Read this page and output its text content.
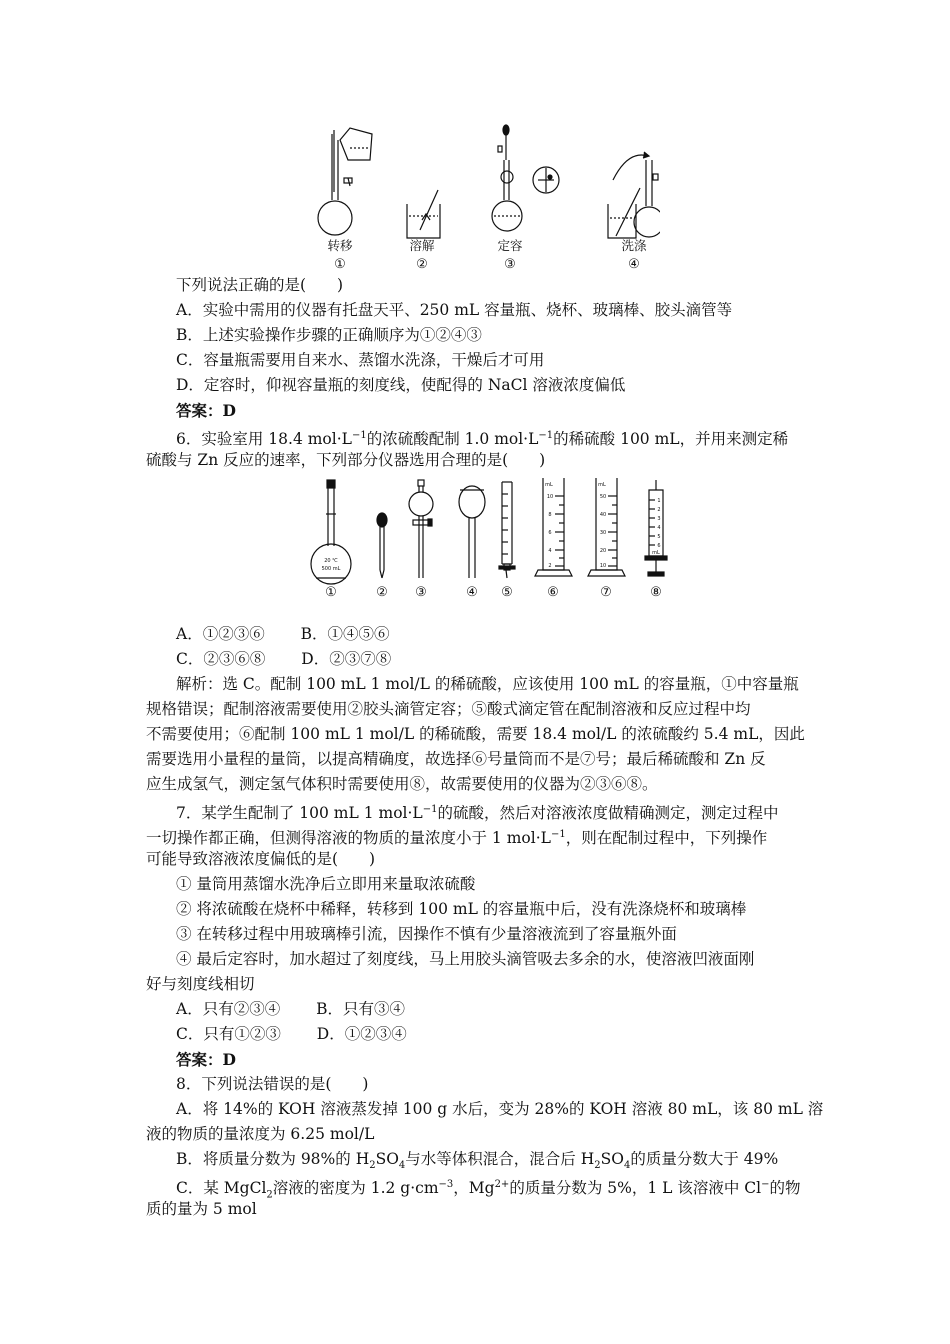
转移
①
溶解
②
定容
③
洗涤
④
下列说法正确的是(　　)
A．实验中需用的仪器有托盘天平、250 mL 容量瓶、烧杯、玻璃棒、胶头滴管等
B．上述实验操作步骤的正确顺序为①②④③
C．容量瓶需要用自来水、蒸馏水洗涤，干燥后才可用
D．定容时，仰视容量瓶的刻度线，使配得的 NaCl 溶液浓度偏低
答案：D
6．实验室用 18.4 $mol\cdot L^{-1}$的浓硫酸配制 1.0 $mol\cdot L^{-1}$的稀硫酸 100 mL，并用来测定稀
硫酸与 Zn 反应的速率，下列部分仪器选用合理的是(　　)
20 ℃
500 mL
mL
10
8
6
4
2
mL
50
40
30
20
10
1
2
3
4
5
6
mL
①	② ③	④ ⑤	⑥	⑦	⑧
A．①②③⑥　　 B．①④⑤⑥
C．②③⑥⑧　　 D．②③⑦⑧
解析：选 C。配制 100 mL 1 mol/L 的稀硫酸，应该使用 100 mL 的容量瓶，①中容量瓶
规格错误；配制溶液需要使用②胶头滴管定容；⑤酸式滴定管在配制溶液和反应过程中均
不需要使用；⑥配制 100 mL 1 mol/L 的稀硫酸，需要 18.4 mol/L 的浓硫酸约 5.4 mL，因此
需要选用小量程的量筒，以提高精确度，故选择⑥号量筒而不是⑦号；最后稀硫酸和 Zn 反
应生成氢气，测定氢气体积时需要使用⑧，故需要使用的仪器为②③⑥⑧。
7．某学生配制了 100 mL 1 $mol\cdot L^{-1}$的硫酸，然后对溶液浓度做精确测定，测定过程中
一切操作都正确，但测得溶液的物质的量浓度小于 1 $mol\cdot L^{-1}$，则在配制过程中，下列操作
可能导致溶液浓度偏低的是(　　)
① 量筒用蒸馏水洗净后立即用来量取浓硫酸
② 将浓硫酸在烧杯中稀释，转移到 100 mL 的容量瓶中后，没有洗涤烧杯和玻璃棒
③ 在转移过程中用玻璃棒引流，因操作不慎有少量溶液流到了容量瓶外面
④ 最后定容时，加水超过了刻度线，马上用胶头滴管吸去多余的水，使溶液凹液面刚
好与刻度线相切
A．只有②③④　　 B．只有③④
C．只有①②③　　 D．①②③④
答案：D
8．下列说法错误的是(　　)
A．将 14%的 KOH 溶液蒸发掉 100 g 水后，变为 28%的 KOH 溶液 80 mL，该 80 mL 溶
液的物质的量浓度为 6.25 mol/L
B．将质量分数为 98%的 $H_2SO_4$与水等体积混合，混合后 $H_2SO_4$的质量分数大于 49%
C．某 MgCl$_2$溶液的密度为 1.2 $g\cdot cm^{-3}$，$Mg^{2+}$的质量分数为 5%，1 L 该溶液中 Cl−的物
质的量为 5 mol
